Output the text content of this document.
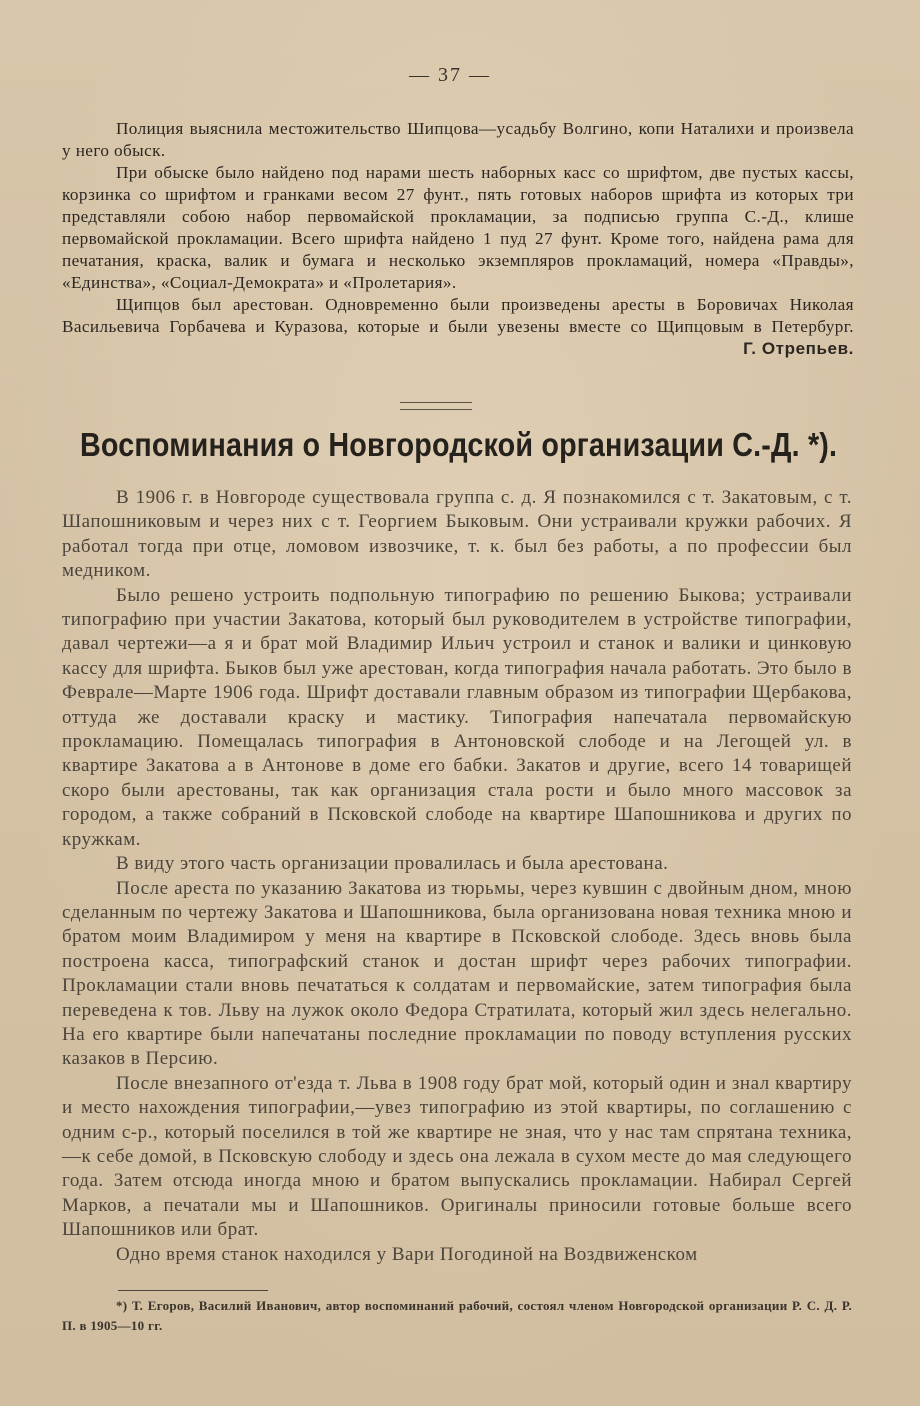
— 37 —

Полиция выяснила местожительство Шипцова—усадьбу Волгино, копи Наталихи и произвела у него обыск.

При обыске было найдено под нарами шесть наборных касс со шрифтом, две пустых кассы, корзинка со шрифтом и гранками весом 27 фунт., пять готовых наборов шрифта из которых три представляли собою набор первомайской прокламации, за подписью группа С.-Д., клише первомайской прокламации. Всего шрифта найдено 1 пуд 27 фунт. Кроме того, найдена рама для печатания, краска, валик и бумага и несколько экземпляров прокламаций, номера «Правды», «Единства», «Социал-Демократа» и «Пролетария».

Щипцов был арестован. Одновременно были произведены аресты в Боровичах Николая Васильевича Горбачева и Куразова, которые и были увезены вместе со Щипцовым в Петербург.

Г. Отрепьев.
Воспоминания о Новгородской организации С.-Д. *).

В 1906 г. в Новгороде существовала группа с. д. Я познакомился с т. Закатовым, с т. Шапошниковым и через них с т. Георгием Быковым. Они устраивали кружки рабочих. Я работал тогда при отце, ломовом извозчике, т. к. был без работы, а по профессии был медником.

Было решено устроить подпольную типографию по решению Быкова; устраивали типографию при участии Закатова, который был руководителем в устройстве типографии, давал чертежи—а я и брат мой Владимир Ильич устроил и станок и валики и цинковую кассу для шрифта. Быков был уже арестован, когда типография начала работать. Это было в Феврале—Марте 1906 года. Шрифт доставали главным образом из типографии Щербакова, оттуда же доставали краску и мастику. Типография напечатала первомайскую прокламацию. Помещалась типография в Антоновской слободе и на Легощей ул. в квартире Закатова а в Антонове в доме его бабки. Закатов и другие, всего 14 товарищей скоро были арестованы, так как организация стала рости и было много массовок за городом, а также собраний в Псковской слободе на квартире Шапошникова и других по кружкам.

В виду этого часть организации провалилась и была арестована.

После ареста по указанию Закатова из тюрьмы, через кувшин с двойным дном, мною сделанным по чертежу Закатова и Шапошникова, была организована новая техника мною и братом моим Владимиром у меня на квартире в Псковской слободе. Здесь вновь была построена касса, типографский станок и достан шрифт через рабочих типографии. Прокламации стали вновь печататься к солдатам и первомайские, затем типография была переведена к тов. Льву на лужок около Федора Стратилата, который жил здесь нелегально. На его квартире были напечатаны последние прокламации по поводу вступления русских казаков в Персию.

После внезапного от'езда т. Льва в 1908 году брат мой, который один и знал квартиру и место нахождения типографии,—увез типографию из этой квартиры, по соглашению с одним с-р., который поселился в той же квартире не зная, что у нас там спрятана техника,—к себе домой, в Псковскую слободу и здесь она лежала в сухом месте до мая следующего года. Затем отсюда иногда мною и братом выпускались прокламации. Набирал Сергей Марков, а печатали мы и Шапошников. Оригиналы приносили готовые больше всего Шапошников или брат.

Одно время станок находился у Вари Погодиной на Воздвиженском

*) Т. Егоров, Василий Иванович, автор воспоминаний рабочий, состоял членом Новгородской организации Р. С. Д. Р. П. в 1905—10 гг.
